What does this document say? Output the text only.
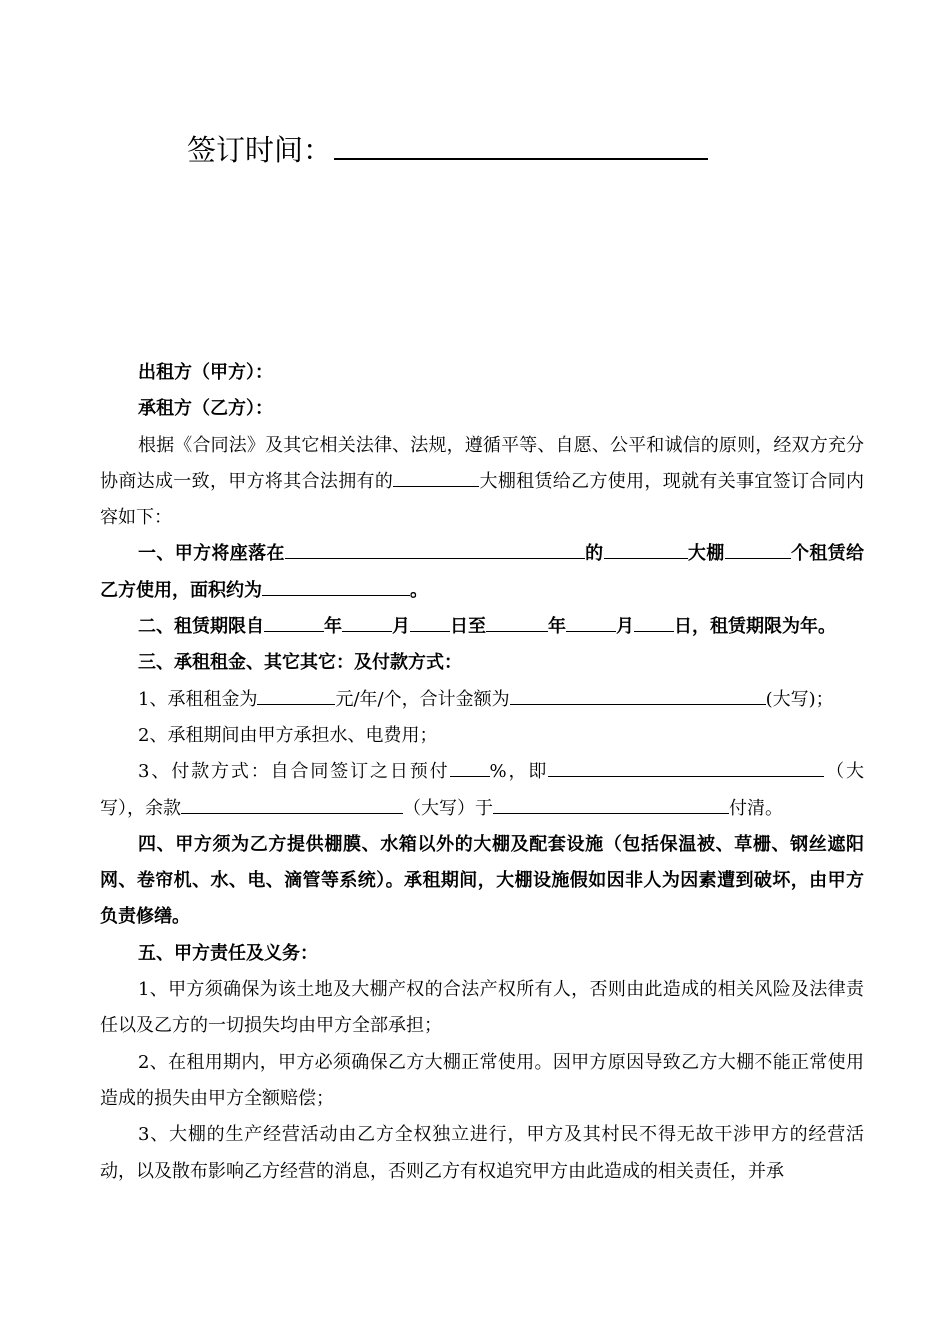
签订时间：

出租方（甲方）：

承租方（乙方）：

根据《合同法》及其它相关法律、法规，遵循平等、自愿、公平和诚信的原则，经双方充分协商达成一致，甲方将其合法拥有的	大棚租赁给乙方使用，现就有关事宜签订合同内容如下：

一、甲方将座落在	的	大棚	个租赁给乙方使用，面积约为	。

二、租赁期限自	年	月 日至	年	月 日，租赁期限为年。

三、承租租金、其它其它：及付款方式：

1、承租租金为	元/年/个，合计金额为	(大写)；

2、承租期间由甲方承担水、电费用；

3、付款方式：自合同签订之日预付 %，即	（大写），余款	（大写）于	付清。

四、甲方须为乙方提供棚膜、水箱以外的大棚及配套设施（包括保温被、草栅、钢丝遮阳网、卷帘机、水、电、滴管等系统）。承租期间，大棚设施假如因非人为因素遭到破坏，由甲方负责修缮。

五、甲方责任及义务：

1、甲方须确保为该土地及大棚产权的合法产权所有人，否则由此造成的相关风险及法律责任以及乙方的一切损失均由甲方全部承担；

2、在租用期内，甲方必须确保乙方大棚正常使用。因甲方原因导致乙方大棚不能正常使用造成的损失由甲方全额赔偿；

3、大棚的生产经营活动由乙方全权独立进行，甲方及其村民不得无故干涉甲方的经营活动，以及散布影响乙方经营的消息，否则乙方有权追究甲方由此造成的相关责任，并承
